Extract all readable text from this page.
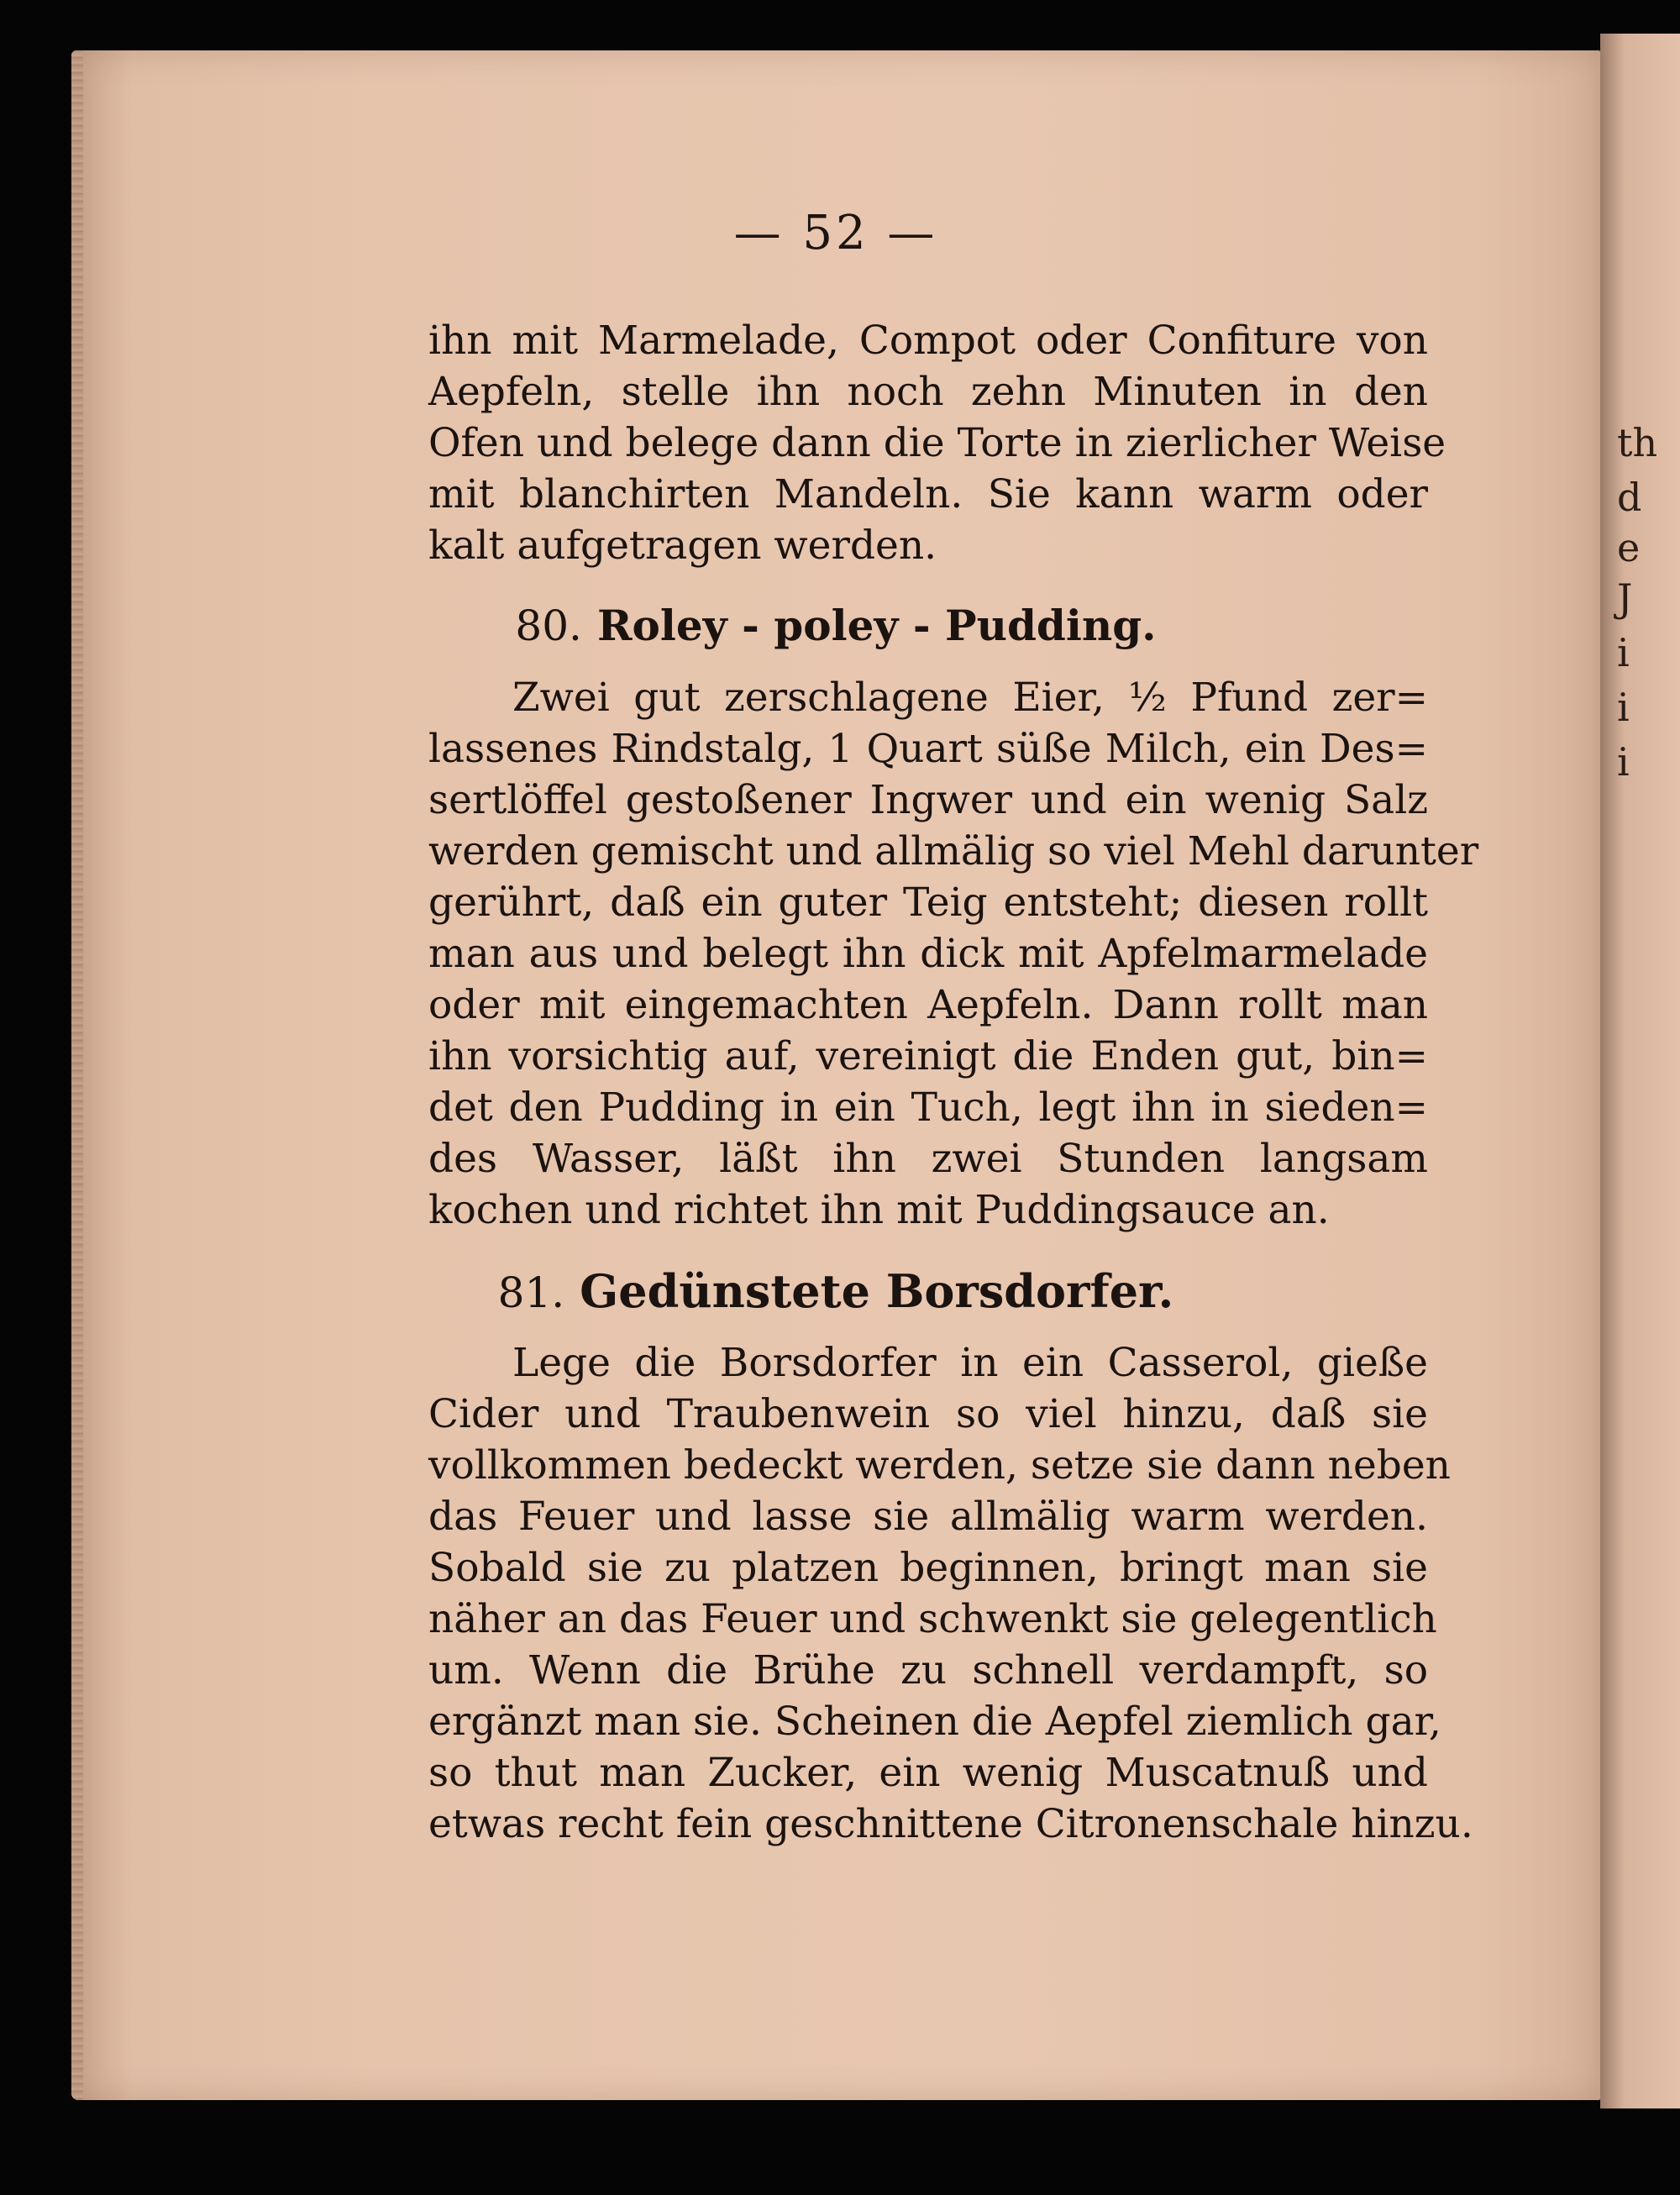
th
d
e
J
i
i
i
— 52 —
ihn mit Marmelade, Compot oder Confiture von
Aepfeln, stelle ihn noch zehn Minuten in den
Ofen und belege dann die Torte in zierlicher Weise
mit blanchirten Mandeln. Sie kann warm oder
kalt aufgetragen werden.
80. Roley - poley - Pudding.
Zwei gut zerschlagene Eier, ½ Pfund zer=
lassenes Rindstalg, 1 Quart süße Milch, ein Des=
sertlöffel gestoßener Ingwer und ein wenig Salz
werden gemischt und allmälig so viel Mehl darunter
gerührt, daß ein guter Teig entsteht; diesen rollt
man aus und belegt ihn dick mit Apfelmarmelade
oder mit eingemachten Aepfeln. Dann rollt man
ihn vorsichtig auf, vereinigt die Enden gut, bin=
det den Pudding in ein Tuch, legt ihn in sieden=
des Wasser, läßt ihn zwei Stunden langsam
kochen und richtet ihn mit Puddingsauce an.
81. Gedünstete Borsdorfer.
Lege die Borsdorfer in ein Casserol, gieße
Cider und Traubenwein so viel hinzu, daß sie
vollkommen bedeckt werden, setze sie dann neben
das Feuer und lasse sie allmälig warm werden.
Sobald sie zu platzen beginnen, bringt man sie
näher an das Feuer und schwenkt sie gelegentlich
um. Wenn die Brühe zu schnell verdampft, so
ergänzt man sie. Scheinen die Aepfel ziemlich gar,
so thut man Zucker, ein wenig Muscatnuß und
etwas recht fein geschnittene Citronenschale hinzu.
